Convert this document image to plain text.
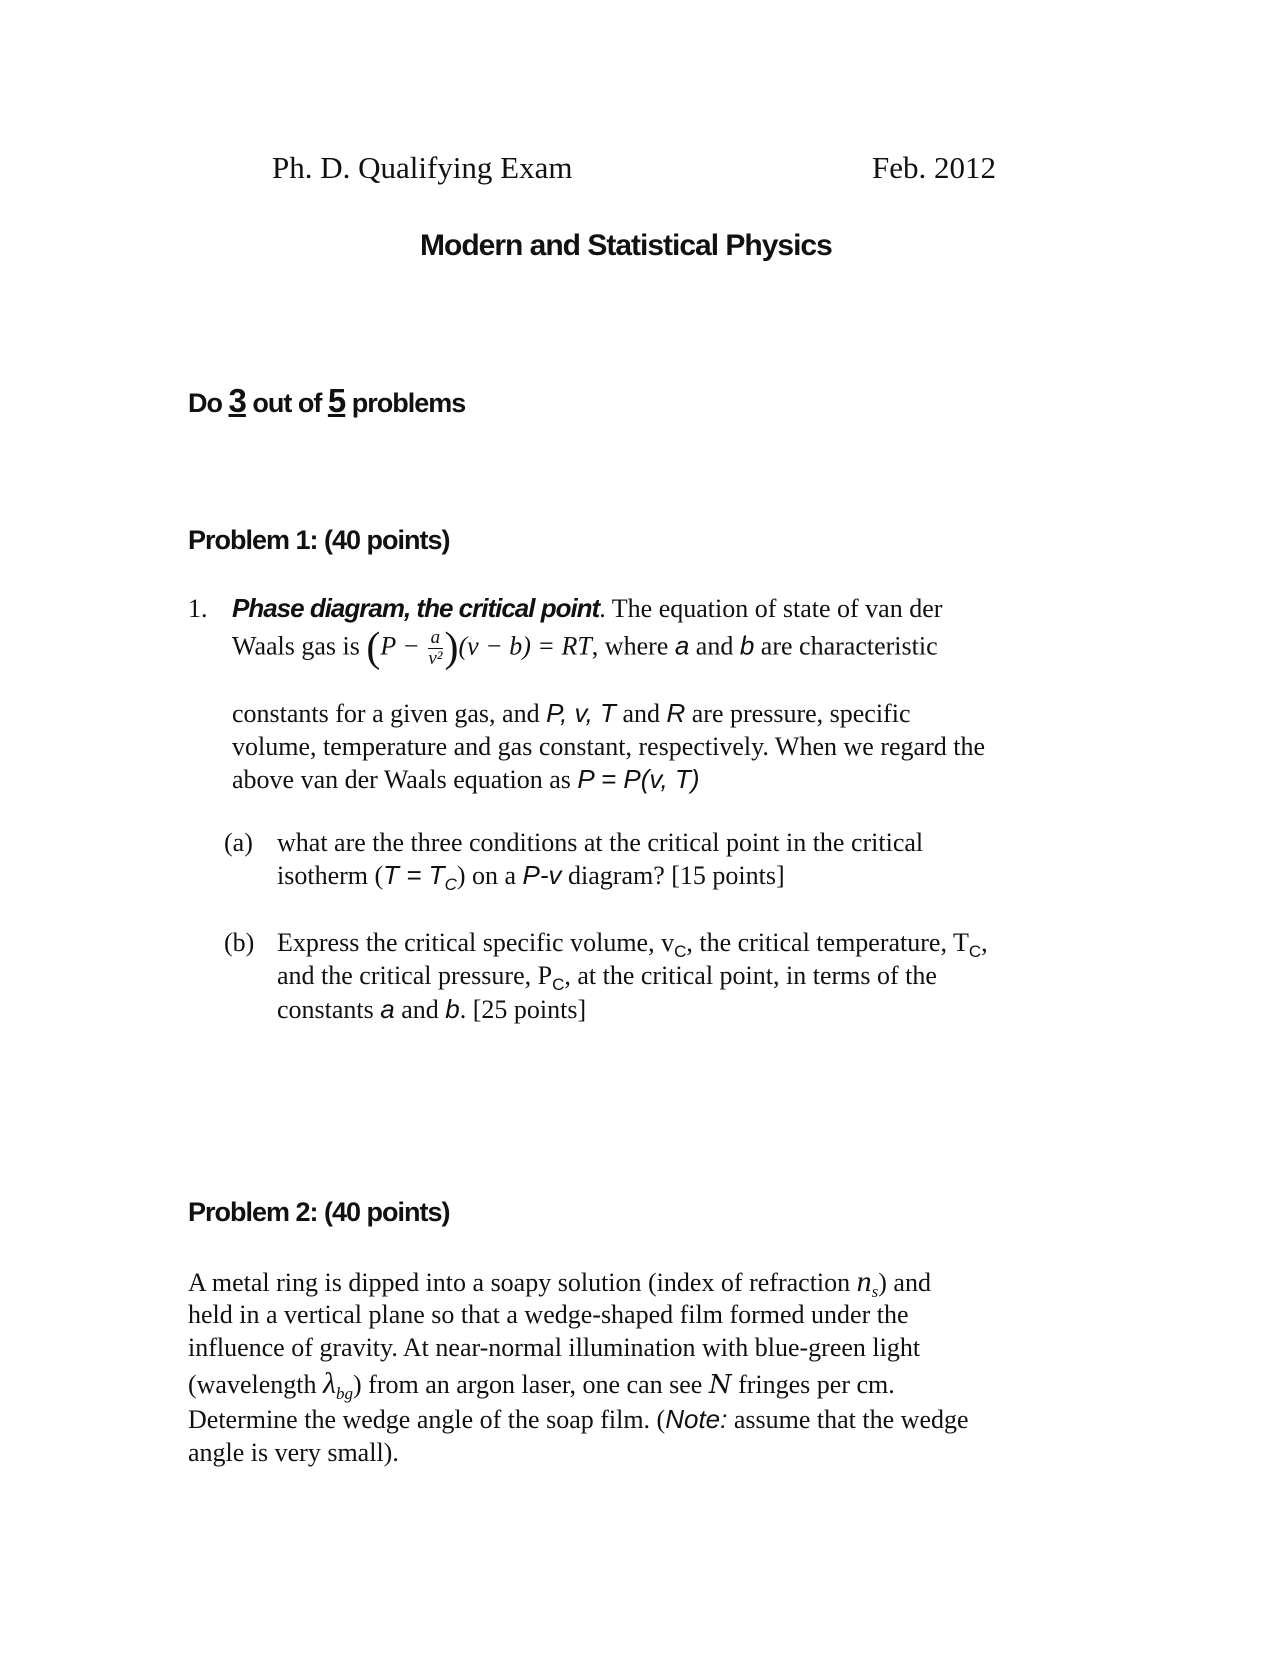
Ph. D. Qualifying Exam	Feb. 2012
Modern and Statistical Physics
Do 3 out of 5 problems
Problem 1: (40 points)
1. Phase diagram, the critical point. The equation of state of van der
Waals gas is $(P - \frac{a}{\text{v²}})(v - b)$ = RT, where a and b are characteristic
constants for a given gas, and P, v, T and R are pressure, specific
volume, temperature and gas constant, respectively. When we regard the
above van der Waals equation as P = P(v, T)
(a) what are the three conditions at the critical point in the critical
isotherm $(T = T_C)$ on a P-v diagram? [15 points]
(b) Express the critical specific volume, $v_C$, the critical temperature, $T_C$,
and the critical pressure, $P_C$, at the critical point, in terms of the
constants a and b. [25 points]
Problem 2: (40 points)
A metal ring is dipped into a soapy solution (index of refraction $n_s$) and
held in a vertical plane so that a wedge-shaped film formed under the
influence of gravity. At near-normal illumination with blue-green light
(wavelength $\lambda_{bg}$) from an argon laser, one can see N fringes per cm.
Determine the wedge angle of the soap film. (Note: assume that the wedge
angle is very small).
